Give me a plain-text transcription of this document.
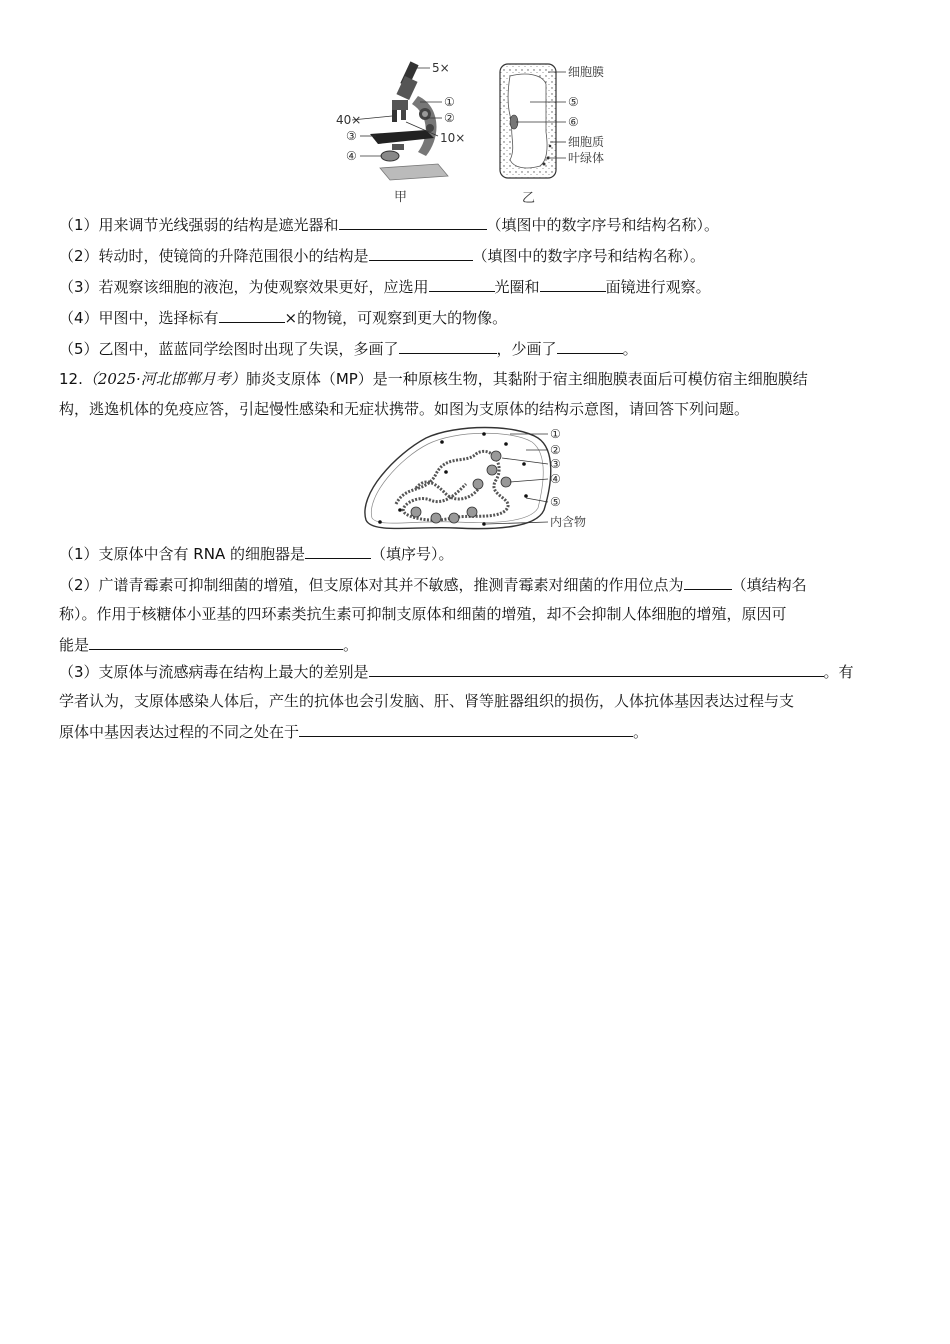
5×
①
②
10×
40×
③
④
甲
细胞膜
⑤
⑥
细胞质
叶绿体
乙
（1）用来调节光线强弱的结构是遮光器和	（填图中的数字序号和结构名称）。
（2）转动时，使镜筒的升降范围很小的结构是	（填图中的数字序号和结构名称）。
（3）若观察该细胞的液泡，为使观察效果更好，应选用	光圈和	面镜进行观察。
（4）甲图中，选择标有	×的物镜，可观察到更大的物像。
（5）乙图中，蓝蓝同学绘图时出现了失误，多画了	，少画了	。
12.（2025·河北邯郸月考）肺炎支原体（MP）是一种原核生物，其黏附于宿主细胞膜表面后可模仿宿主细胞膜结
构，逃逸机体的免疫应答，引起慢性感染和无症状携带。如图为支原体的结构示意图，请回答下列问题。
①
②
③
④
⑤
内含物
（1）支原体中含有 RNA 的细胞器是	（填序号）。
（2）广谱青霉素可抑制细菌的增殖，但支原体对其并不敏感，推测青霉素对细菌的作用位点为	（填结构名
称）。作用于核糖体小亚基的四环素类抗生素可抑制支原体和细菌的增殖，却不会抑制人体细胞的增殖，原因可
能是	。
（3）支原体与流感病毒在结构上最大的差别是	。有
学者认为，支原体感染人体后，产生的抗体也会引发脑、肝、肾等脏器组织的损伤，人体抗体基因表达过程与支
原体中基因表达过程的不同之处在于	。
